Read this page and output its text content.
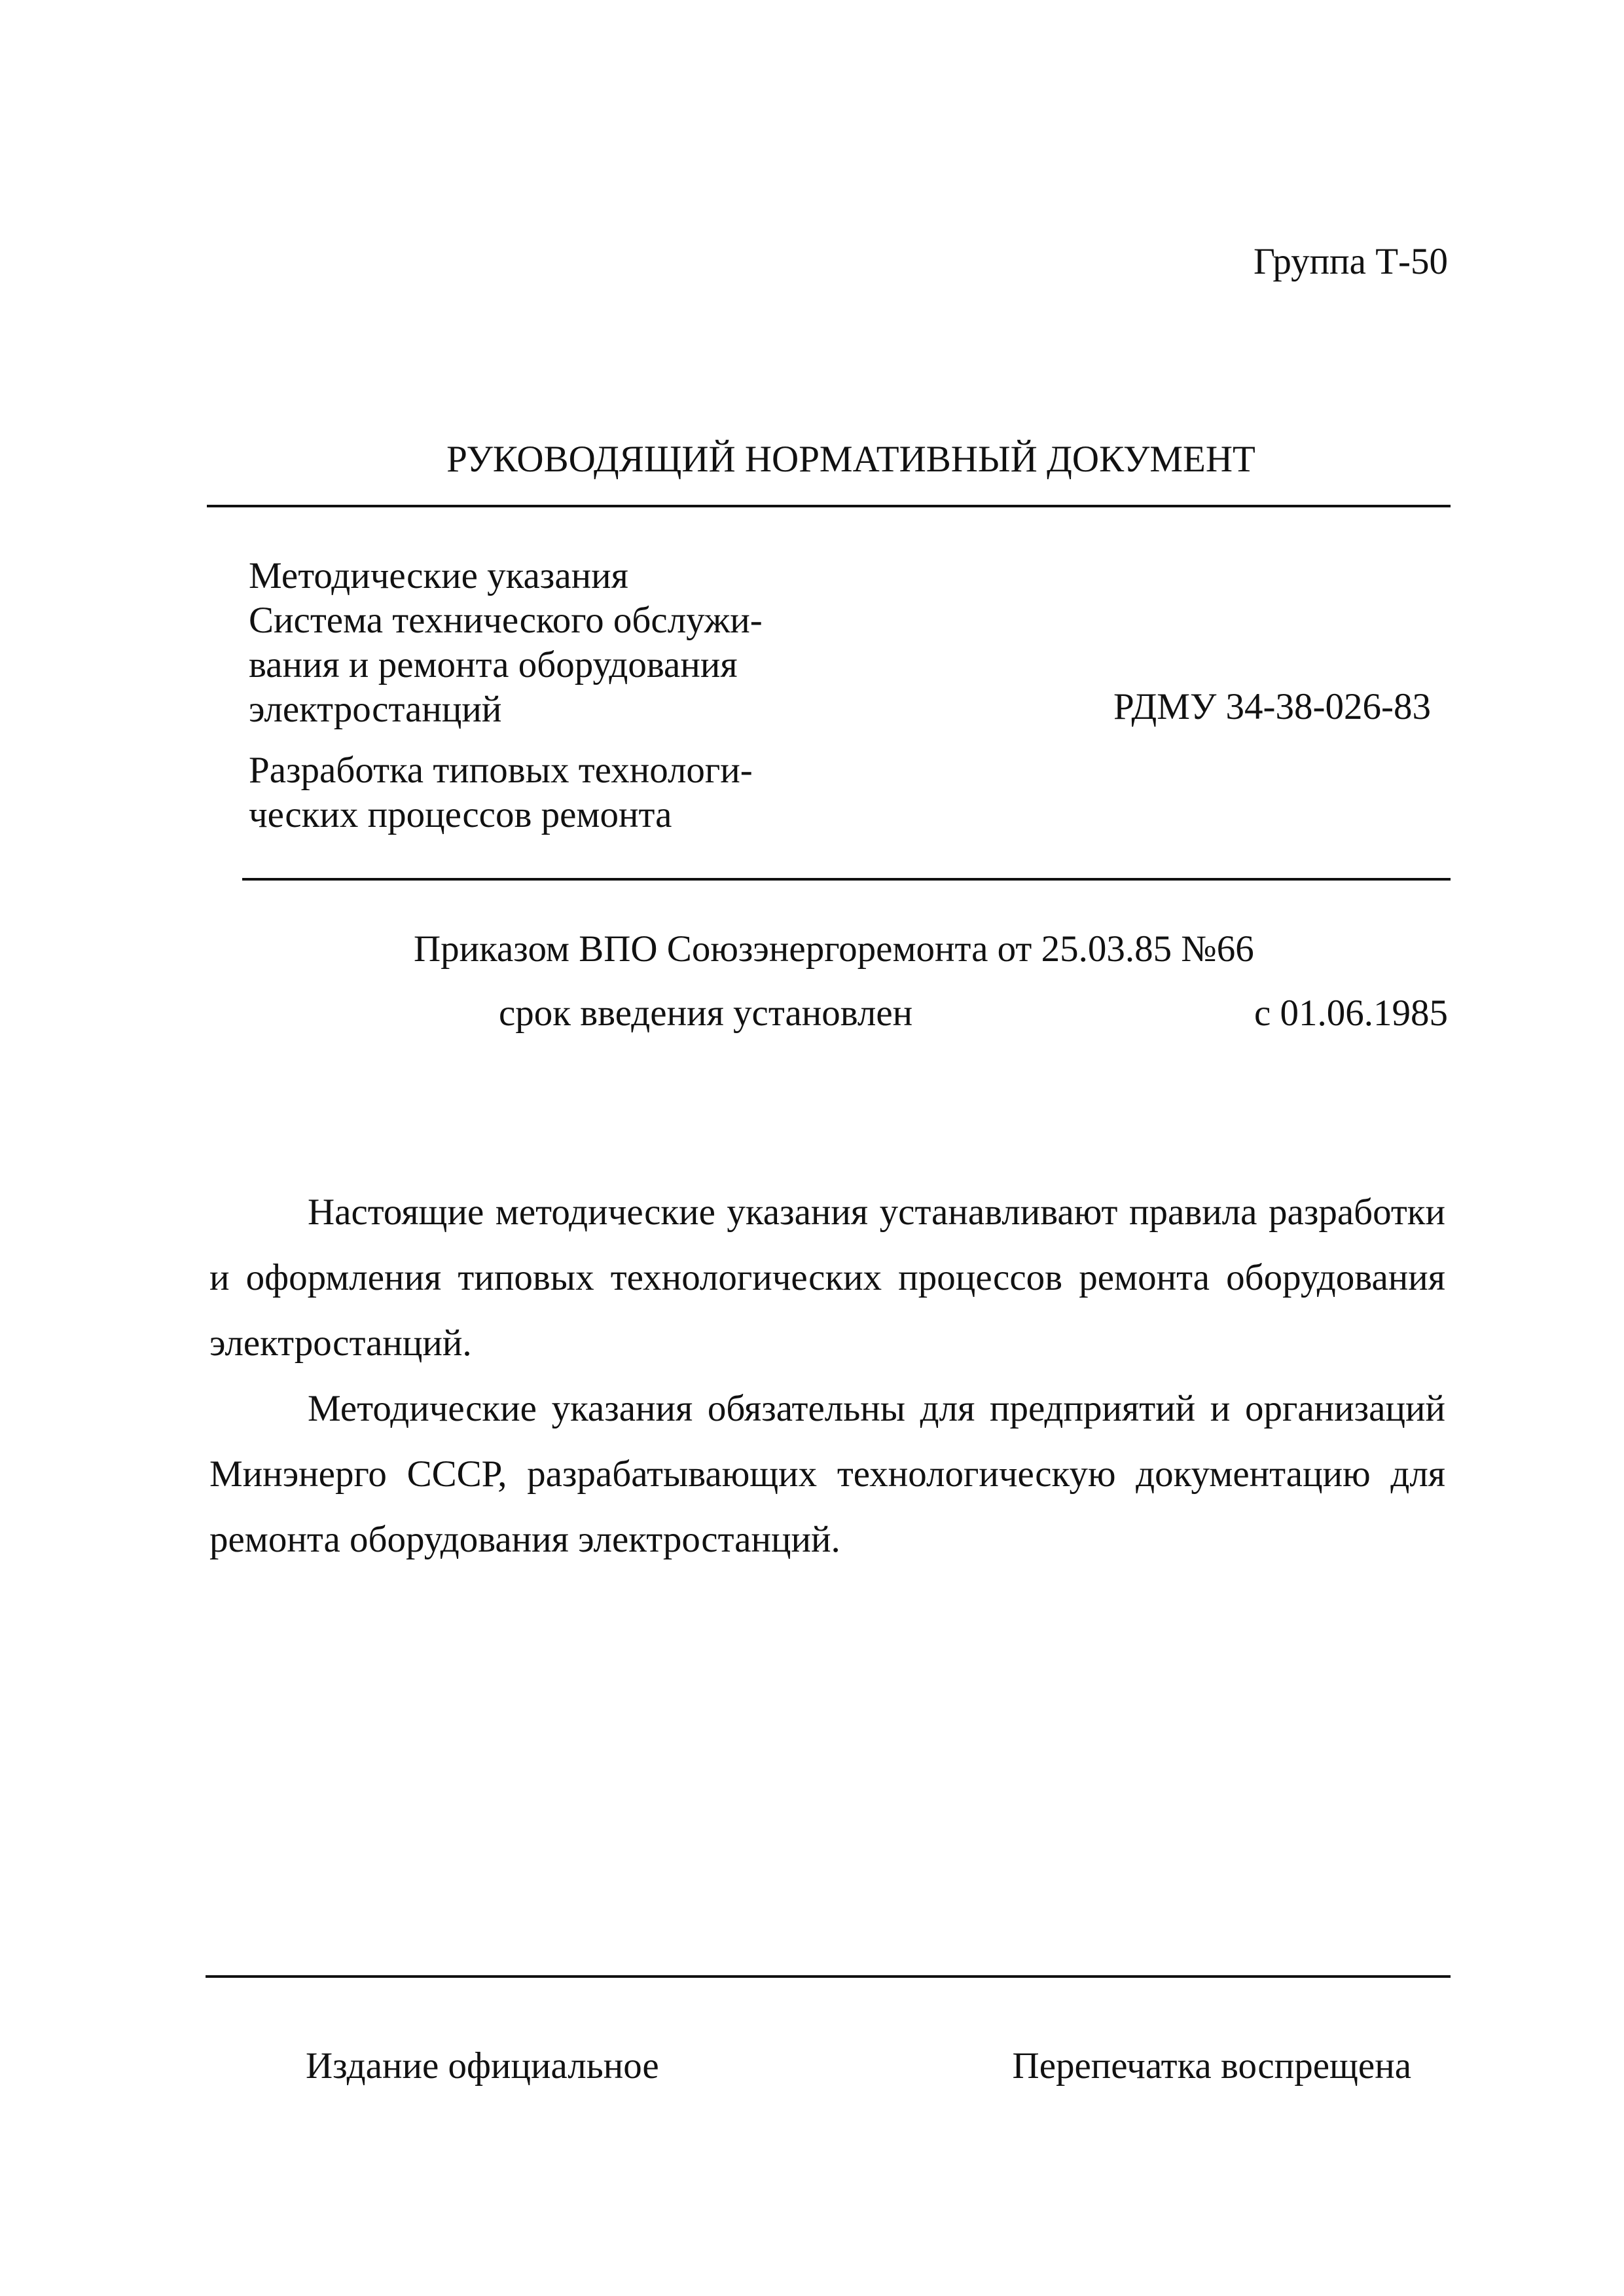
Группа Т-50
РУКОВОДЯЩИЙ НОРМАТИВНЫЙ ДОКУМЕНТ
Методические указания
Система технического обслужи-
вания и ремонта оборудования
электростанций	РДМУ 34-38-026-83
Разработка типовых технологи-
ческих процессов ремонта
Приказом ВПО Союзэнергоремонта от 25.03.85 №66
срок введения установлен	с 01.06.1985

Настоящие методические указания устанавливают правила разработки и оформления типовых технологических процессов ремонта оборудования электростанций.

Методические указания обязательны для предприятий и организаций Минэнерго СССР, разрабатывающих технологическую документацию для ремонта оборудования электростанций.

Издание официальное	Перепечатка воспрещена
